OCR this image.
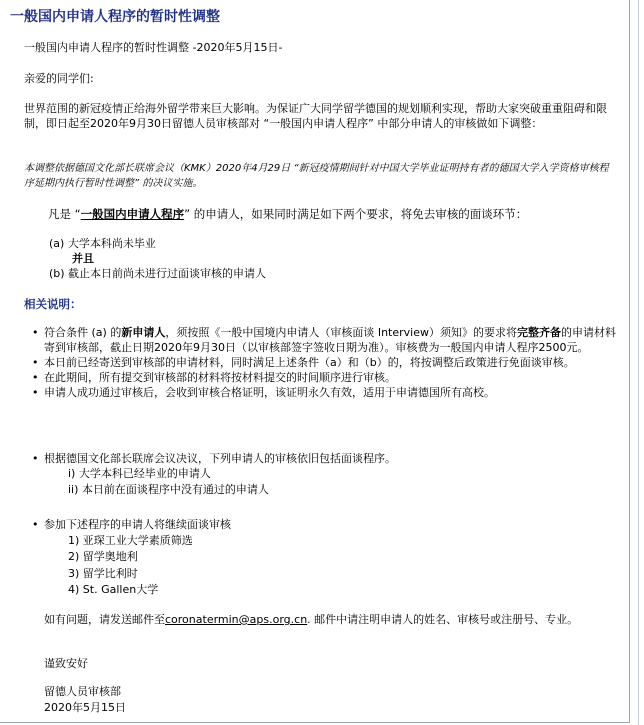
一般国内申请人程序的暂时性调整

一般国内申请人程序的暂时性调整 -2020年5月15日-

亲爱的同学们:

世界范围的新冠疫情正给海外留学带来巨大影响。为保证广大同学留学德国的规划顺利实现，帮助大家突破重重阻碍和限制，即日起至2020年9月30日留德人员审核部对 “一般国内申请人程序” 中部分申请人的审核做如下调整：

本调整依据德国文化部长联席会议（KMK）2020年4月29日 “新冠疫情期间针对中国大学毕业证明持有者的德国大学入学资格审核程序延期内执行暂时性调整” 的决议实施。

凡是 “一般国内申请人程序” 的申请人，如果同时满足如下两个要求，将免去审核的面谈环节：

(a) 大学本科尚未毕业

并且

(b) 截止本日前尚未进行过面谈审核的申请人

相关说明：

• 符合条件 (a) 的新申请人，须按照《一般中国境内申请人（审核面谈 Interview）须知》的要求将完整齐备的申请材料寄到审核部，截止日期2020年9月30日（以审核部签字签收日期为准）。审核费为一般国内申请人程序2500元。
• 本日前已经寄送到审核部的申请材料，同时满足上述条件（a）和（b）的，将按调整后政策进行免面谈审核。
• 在此期间，所有提交到审核部的材料将按材料提交的时间顺序进行审核。
• 申请人成功通过审核后，会收到审核合格证明，该证明永久有效，适用于申请德国所有高校。
• 根据德国文化部长联席会议决议，下列申请人的审核依旧包括面谈程序。

i) 大学本科已经毕业的申请人

ii) 本日前在面谈程序中没有通过的申请人

• 参加下述程序的申请人将继续面谈审核

1) 亚琛工业大学素质筛选

2) 留学奥地利

3) 留学比利时

4) St. Gallen大学

如有问题，请发送邮件至coronatermin@aps.org.cn. 邮件中请注明申请人的姓名、审核号或注册号、专业。

谨致安好

留德人员审核部

2020年5月15日
